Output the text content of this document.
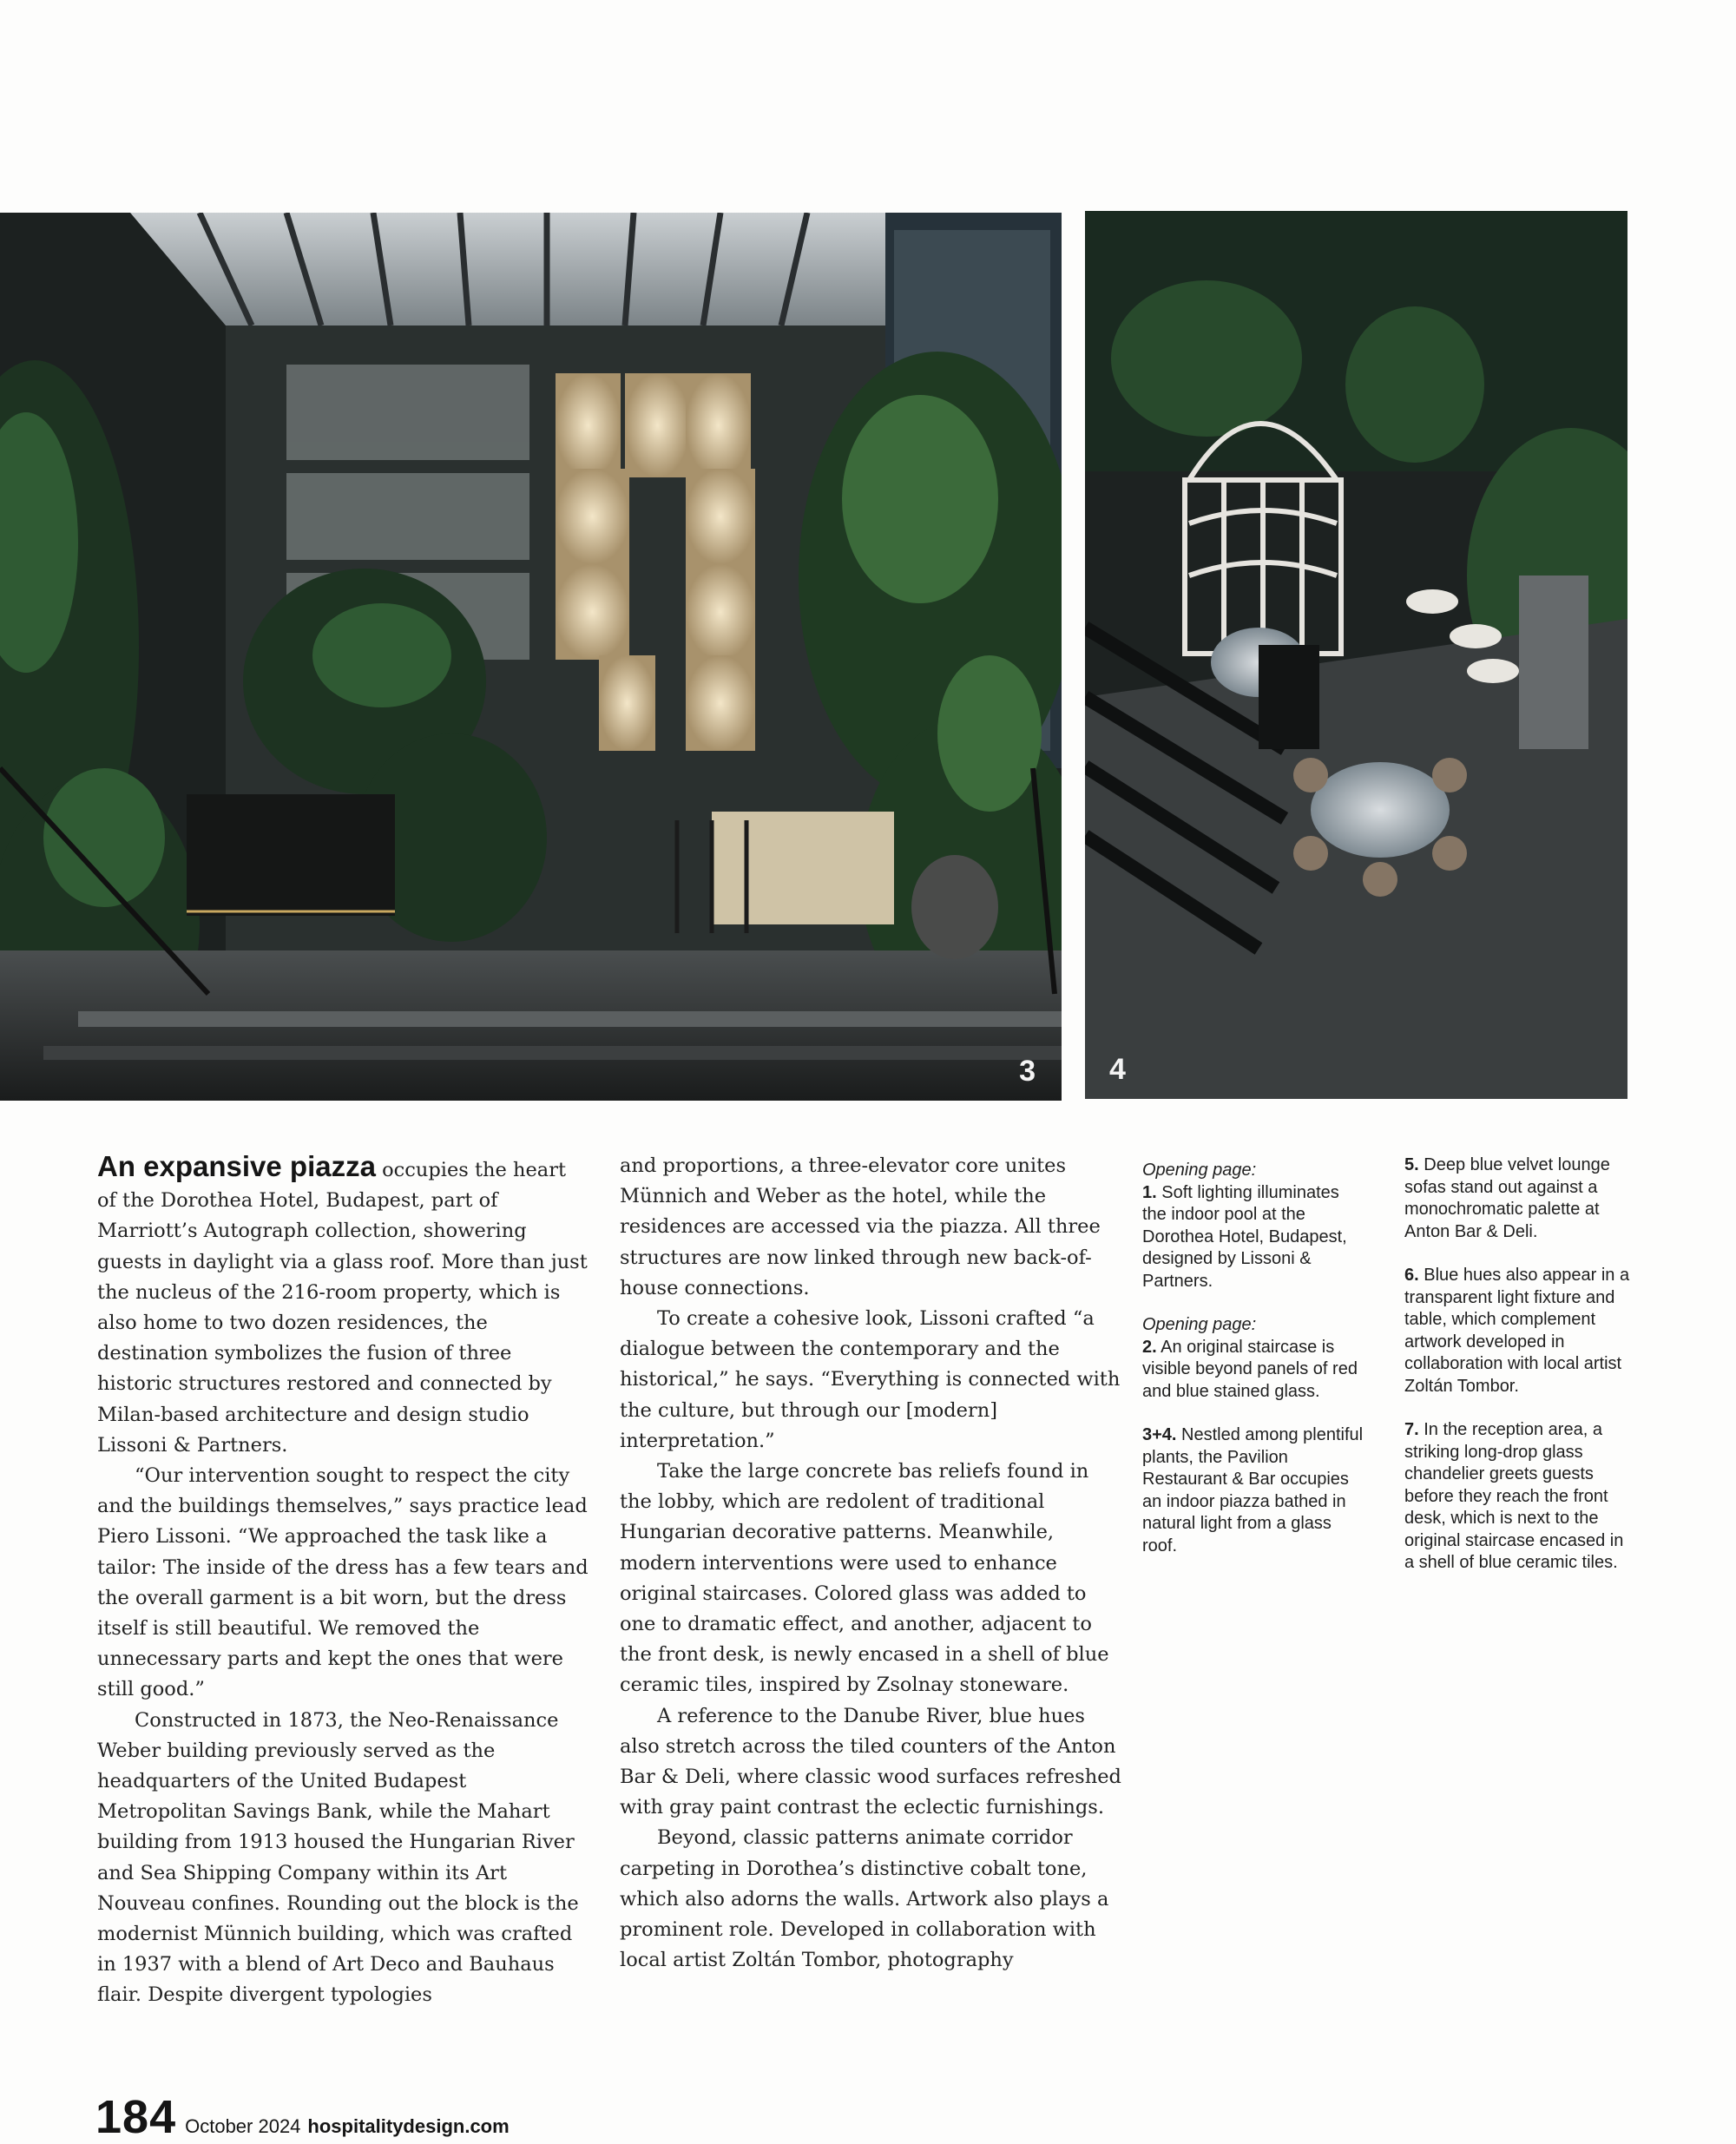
3	4

An expansive piazza occupies the heart of the Dorothea Hotel, Budapest, part of Marriott’s Autograph collection, showering guests in daylight via a glass roof. More than just the nucleus of the 216-room property, which is also home to two dozen residences, the destination symbolizes the fusion of three historic structures restored and connected by Milan-based architecture and design studio Lissoni & Partners.

“Our intervention sought to respect the city and the buildings themselves,” says practice lead Piero Lissoni. “We approached the task like a tailor: The inside of the dress has a few tears and the overall garment is a bit worn, but the dress itself is still beautiful. We removed the unnecessary parts and kept the ones that were still good.”

Constructed in 1873, the Neo-Renaissance Weber building previously served as the headquarters of the United Budapest Metropolitan Savings Bank, while the Mahart building from 1913 housed the Hungarian River and Sea Shipping Company within its Art Nouveau confines. Rounding out the block is the modernist Münnich building, which was crafted in 1937 with a blend of Art Deco and Bauhaus flair. Despite divergent typologies

and proportions, a three-elevator core unites Münnich and Weber as the hotel, while the residences are accessed via the piazza. All three structures are now linked through new back-of-house connections.

To create a cohesive look, Lissoni crafted “a dialogue between the contemporary and the historical,” he says. “Everything is connected with the culture, but through our [modern] interpretation.”

Take the large concrete bas reliefs found in the lobby, which are redolent of traditional Hungarian decorative patterns. Meanwhile, modern interventions were used to enhance original staircases. Colored glass was added to one to dramatic effect, and another, adjacent to the front desk, is newly encased in a shell of blue ceramic tiles, inspired by Zsolnay stoneware.

A reference to the Danube River, blue hues also stretch across the tiled counters of the Anton Bar & Deli, where classic wood surfaces refreshed with gray paint contrast the eclectic furnishings.

Beyond, classic patterns animate corridor carpeting in Dorothea’s distinctive cobalt tone, which also adorns the walls. Artwork also plays a prominent role. Developed in collaboration with local artist Zoltán Tombor, photography

Opening page:
1. Soft lighting illuminates the indoor pool at the Dorothea Hotel, Budapest, designed by Lissoni & Partners.

Opening page:
2. An original staircase is visible beyond panels of red and blue stained glass.

3+4. Nestled among plentiful plants, the Pavilion Restaurant & Bar occupies an indoor piazza bathed in natural light from a glass roof.

5. Deep blue velvet lounge sofas stand out against a monochromatic palette at Anton Bar & Deli.

6. Blue hues also appear in a transparent light fixture and table, which complement artwork developed in collaboration with local artist Zoltán Tombor.

7. In the reception area, a striking long-drop glass chandelier greets guests before they reach the front desk, which is next to the original staircase encased in a shell of blue ceramic tiles.

184 October 2024 hospitalitydesign.com
